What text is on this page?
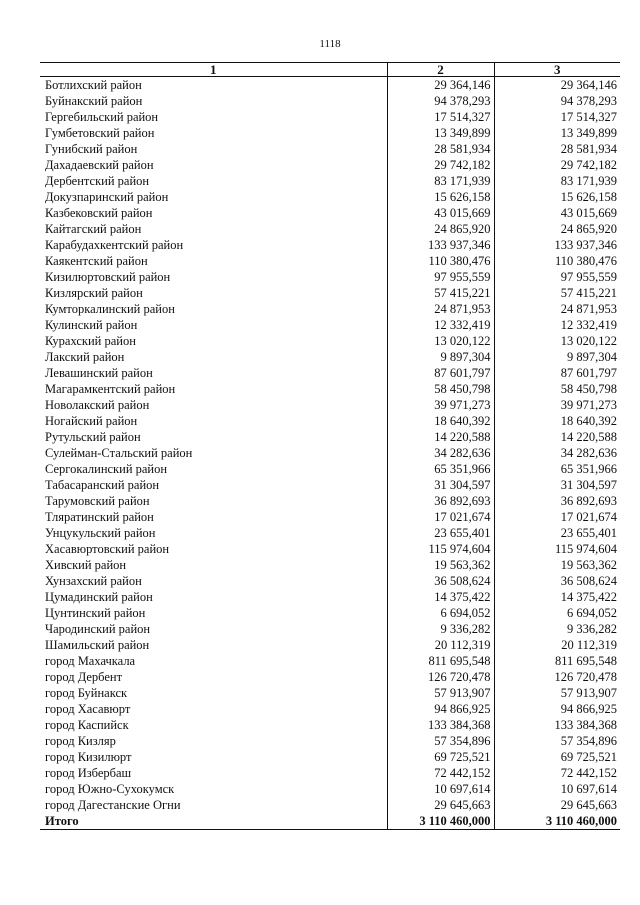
1118
1	2	3
Ботлихский район	29 364,146	29 364,146
Буйнакский район	94 378,293	94 378,293
Гергебильский район	17 514,327	17 514,327
Гумбетовский район	13 349,899	13 349,899
Гунибский район	28 581,934	28 581,934
Дахадаевский район	29 742,182	29 742,182
Дербентский район	83 171,939	83 171,939
Докузпаринский район	15 626,158	15 626,158
Казбековский район	43 015,669	43 015,669
Кайтагский район	24 865,920	24 865,920
Карабудахкентский район	133 937,346	133 937,346
Каякентский район	110 380,476	110 380,476
Кизилюртовский район	97 955,559	97 955,559
Кизлярский район	57 415,221	57 415,221
Кумторкалинский район	24 871,953	24 871,953
Кулинский район	12 332,419	12 332,419
Курахский район	13 020,122	13 020,122
Лакский район	9 897,304	9 897,304
Левашинский район	87 601,797	87 601,797
Магарамкентский район	58 450,798	58 450,798
Новолакский район	39 971,273	39 971,273
Ногайский район	18 640,392	18 640,392
Рутульский район	14 220,588	14 220,588
Сулейман-Стальский район	34 282,636	34 282,636
Сергокалинский район	65 351,966	65 351,966
Табасаранский район	31 304,597	31 304,597
Тарумовский район	36 892,693	36 892,693
Тляратинский район	17 021,674	17 021,674
Унцукульский район	23 655,401	23 655,401
Хасавюртовский район	115 974,604	115 974,604
Хивский район	19 563,362	19 563,362
Хунзахский район	36 508,624	36 508,624
Цумадинский район	14 375,422	14 375,422
Цунтинский район	6 694,052	6 694,052
Чародинский район	9 336,282	9 336,282
Шамильский район	20 112,319	20 112,319
город Махачкала	811 695,548	811 695,548
город Дербент	126 720,478	126 720,478
город Буйнакск	57 913,907	57 913,907
город Хасавюрт	94 866,925	94 866,925
город Каспийск	133 384,368	133 384,368
город Кизляр	57 354,896	57 354,896
город Кизилюрт	69 725,521	69 725,521
город Избербаш	72 442,152	72 442,152
город Южно-Сухокумск	10 697,614	10 697,614
город Дагестанские Огни	29 645,663	29 645,663
Итого	3 110 460,000	3 110 460,000
